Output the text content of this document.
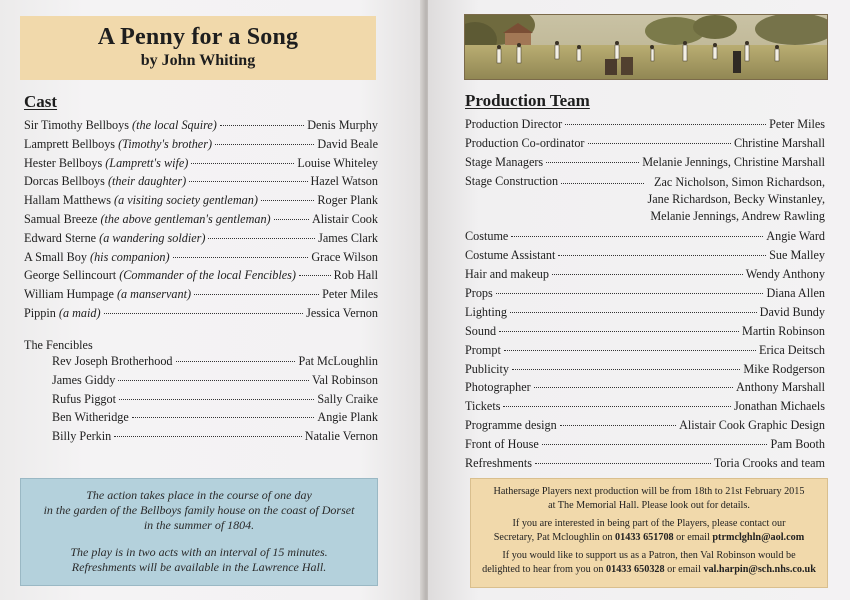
A Penny for a Song
by John Whiting
Cast
Sir Timothy Bellboys (the local Squire)	Denis Murphy
Lamprett Bellboys (Timothy's brother)	David Beale
Hester Bellboys (Lamprett's wife)	Louise Whiteley
Dorcas Bellboys (their daughter)	Hazel Watson
Hallam Matthews (a visiting society gentleman)	Roger Plank
Samual Breeze (the above gentleman's gentleman)	Alistair Cook
Edward Sterne (a wandering soldier)	James Clark
A Small Boy (his companion)	Grace Wilson
George Sellincourt (Commander of the local Fencibles)	Rob Hall
William Humpage (a manservant)	Peter Miles
Pippin (a maid)	Jessica Vernon
The Fencibles
Rev Joseph Brotherhood	Pat McLoughlin
James Giddy	Val Robinson
Rufus Piggot	Sally Craike
Ben Witheridge	Angie Plank
Billy Perkin	Natalie Vernon
The action takes place in the course of one day
in the garden of the Bellboys family house on the coast of Dorset
in the summer of 1804.
The play is in two acts with an interval of 15 minutes.
Refreshments will be available in the Lawrence Hall.
Production Team
Production Director	Peter Miles
Production Co-ordinator	Christine Marshall
Stage Managers	Melanie Jennings, Christine Marshall
Stage Construction	Zac Nicholson, Simon Richardson,
Jane Richardson, Becky Winstanley,
Melanie Jennings, Andrew Rawling
Costume	Angie Ward
Costume Assistant	Sue Malley
Hair and makeup	Wendy Anthony
Props	Diana Allen
Lighting	David Bundy
Sound	Martin Robinson
Prompt	Erica Deitsch
Publicity	Mike Rodgerson
Photographer	Anthony Marshall
Tickets	Jonathan Michaels
Programme design	Alistair Cook Graphic Design
Front of House	Pam Booth
Refreshments	Toria Crooks and team

Hathersage Players next production will be from 18th to 21st February 2015
at The Memorial Hall. Please look out for details.

If you are interested in being part of the Players, please contact our
Secretary, Pat Mcloughlin on 01433 651708 or email ptrmclghln@aol.com

If you would like to support us as a Patron, then Val Robinson would be
delighted to hear from you on 01433 650328 or email val.harpin@sch.nhs.co.uk
